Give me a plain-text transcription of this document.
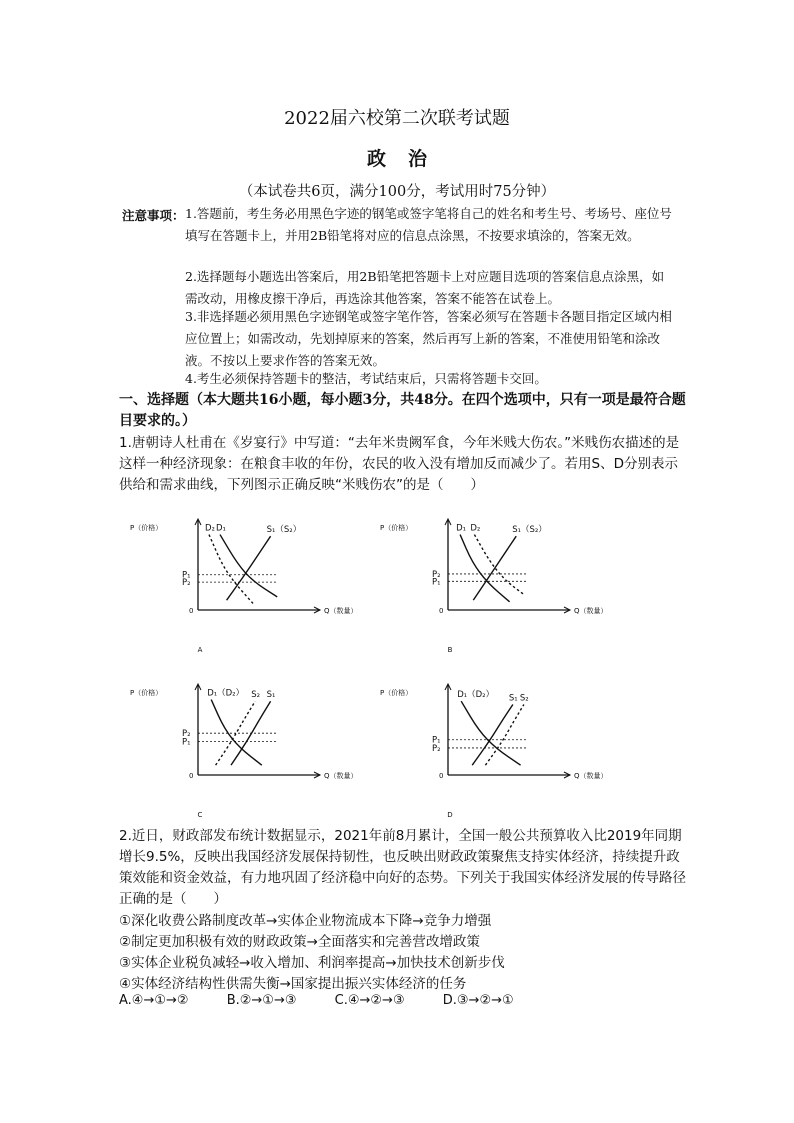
2022届六校第二次联考试题
政治
（本试卷共6页，满分100分，考试用时75分钟）
注意事项： 1.答题前，考生务必用黑色字迹的钢笔或签字笔将自己的姓名和考生号、考场号、座位号填写在答题卡上，并用2B铅笔将对应的信息点涂黑，不按要求填涂的，答案无效。
2.选择题每小题选出答案后，用2B铅笔把答题卡上对应题目选项的答案信息点涂黑，如需改动，用橡皮擦干净后，再选涂其他答案，答案不能答在试卷上。
3.非选择题必须用黑色字迹钢笔或签字笔作答，答案必须写在答题卡各题目指定区域内相应位置上；如需改动，先划掉原来的答案，然后再写上新的答案，不准使用铅笔和涂改液。不按以上要求作答的答案无效。
4.考生必须保持答题卡的整洁，考试结束后，只需将答题卡交回。
一、选择题（本大题共16小题，每小题3分，共48分。在四个选项中，只有一项是最符合题目要求的。）
1.唐朝诗人杜甫在《岁宴行》中写道：“去年米贵阙军食，今年米贱大伤农。”米贱伤农描述的是这样一种经济现象：在粮食丰收的年份，农民的收入没有增加反而减少了。若用S、D分别表示供给和需求曲线，下列图示正确反映“米贱伤农”的是（　　）
P（价格）
Q（数量）
0
D₂ D₁	S₁（S₂）
P₁
P₂
A
P（价格）
Q（数量）
0
D₁ D₂	S₁（S₂）
P₂
P₁
B
P（价格）
Q（数量）
0
D₁（D₂） S₂ S₁
P₂
P₁
C
P（价格）
Q（数量）
0
D₁（D₂） S₁ S₂
P₁
P₂
D
2.近日，财政部发布统计数据显示，2021年前8月累计，全国一般公共预算收入比2019年同期增长9.5%，反映出我国经济发展保持韧性，也反映出财政政策聚焦支持实体经济，持续提升政策效能和资金效益，有力地巩固了经济稳中向好的态势。下列关于我国实体经济发展的传导路径正确的是（　　）
①深化收费公路制度改革→实体企业物流成本下降→竞争力增强
②制定更加积极有效的财政政策→全面落实和完善营改增政策
③实体企业税负减轻→收入增加、利润率提高→加快技术创新步伐
④实体经济结构性供需失衡→国家提出振兴实体经济的任务
A.④→①→②	B.②→①→③	C.④→②→③	D.③→②→①
